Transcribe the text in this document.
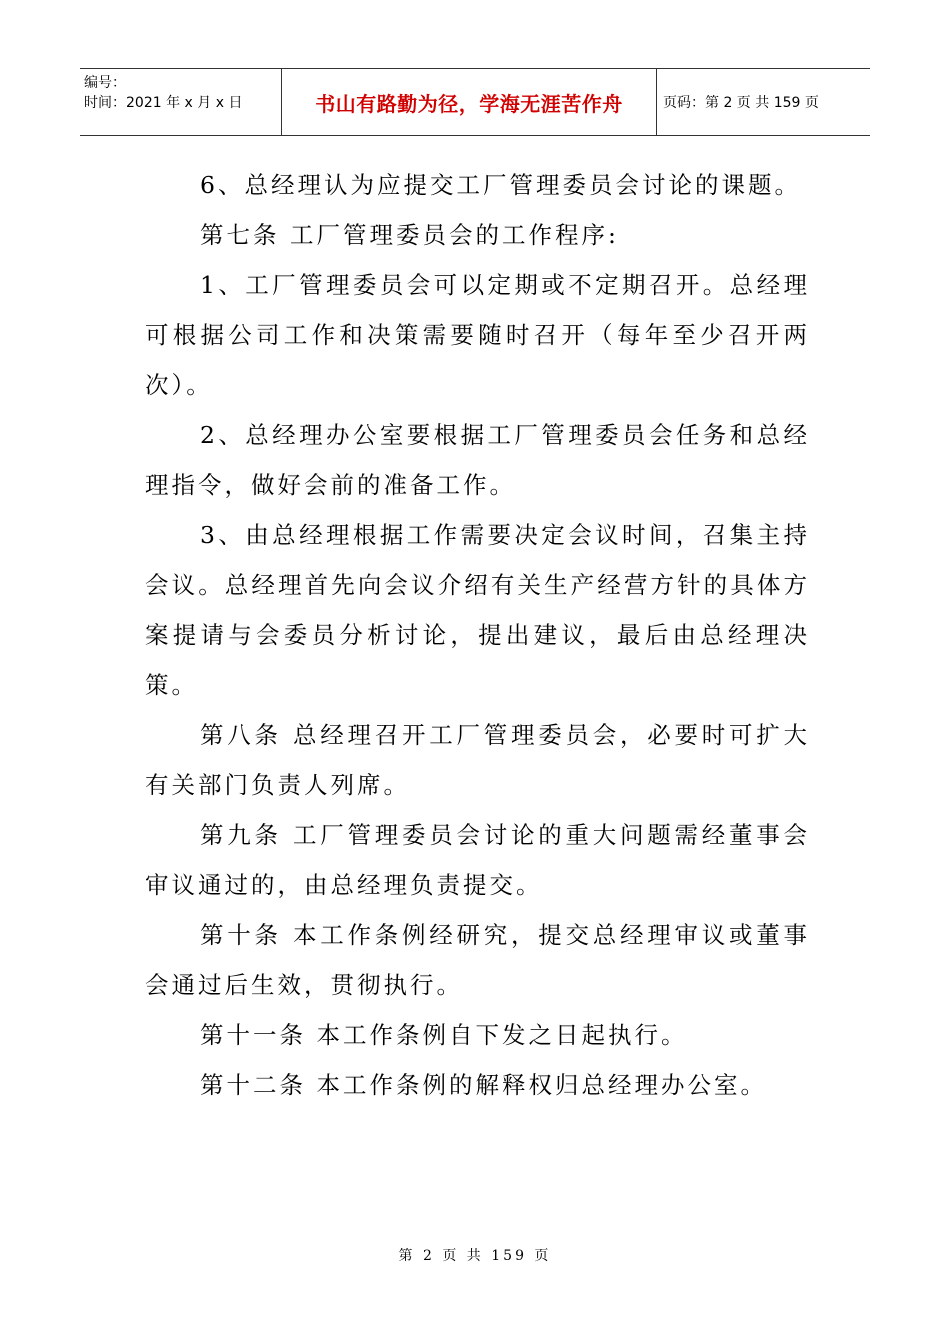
编号：
时间：2021 年 x 月 x 日	书山有路勤为径，学海无涯苦作舟	页码：第 2 页 共 159 页

6、总经理认为应提交工厂管理委员会讨论的课题。

第七条 工厂管理委员会的工作程序:

1、工厂管理委员会可以定期或不定期召开。总经理可根据公司工作和决策需要随时召开（每年至少召开两次）。

2、总经理办公室要根据工厂管理委员会任务和总经理指令，做好会前的准备工作。

3、由总经理根据工作需要决定会议时间，召集主持会议。总经理首先向会议介绍有关生产经营方针的具体方案提请与会委员分析讨论，提出建议，最后由总经理决策。

第八条 总经理召开工厂管理委员会，必要时可扩大有关部门负责人列席。

第九条 工厂管理委员会讨论的重大问题需经董事会审议通过的，由总经理负责提交。

第十条 本工作条例经研究，提交总经理审议或董事会通过后生效，贯彻执行。

第十一条 本工作条例自下发之日起执行。

第十二条 本工作条例的解释权归总经理办公室。

第 2 页 共 159 页
